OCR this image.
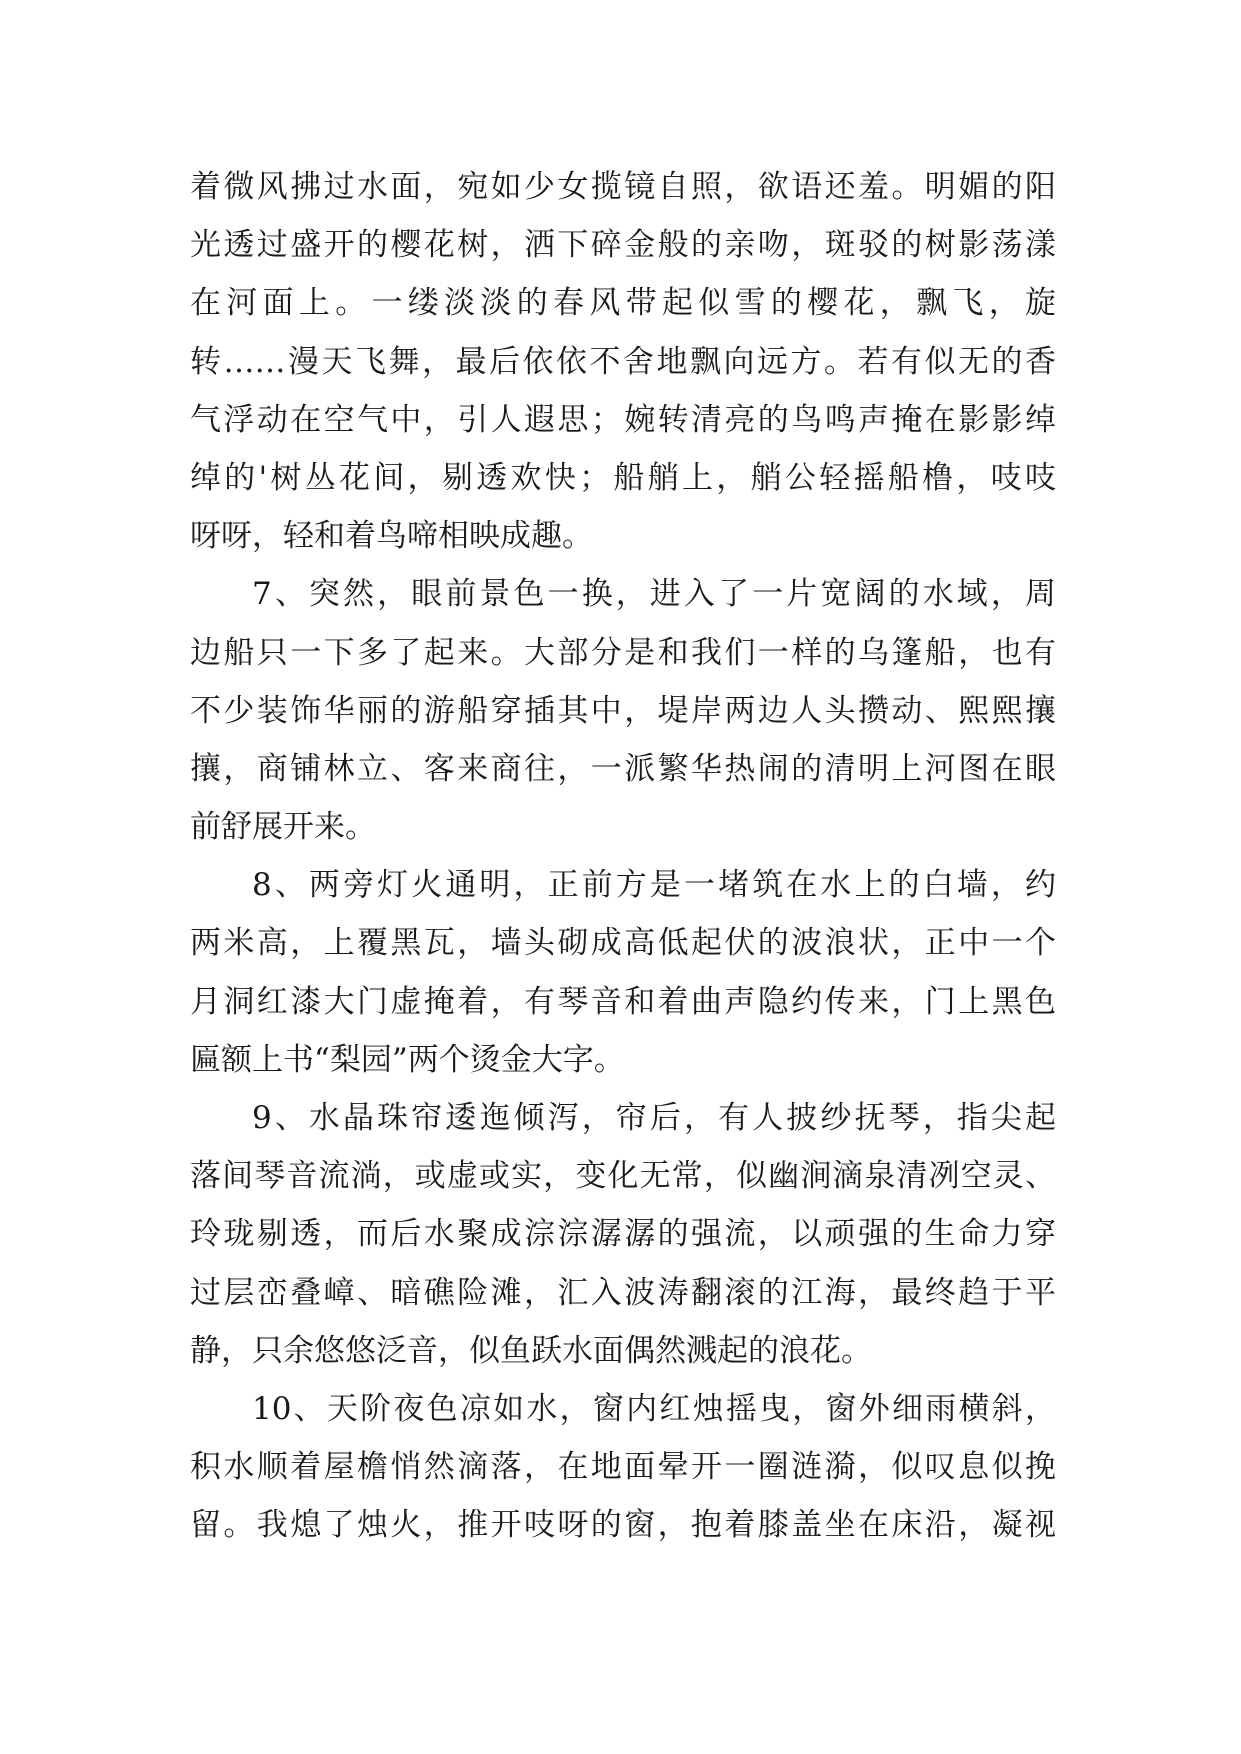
着微风拂过水面，宛如少女揽镜自照，欲语还羞。明媚的阳
光透过盛开的樱花树，洒下碎金般的亲吻，斑驳的树影荡漾
在河面上。一缕淡淡的春风带起似雪的樱花，飘飞，旋
转……漫天飞舞，最后依依不舍地飘向远方。若有似无的香
气浮动在空气中，引人遐思；婉转清亮的鸟鸣声掩在影影绰
绰的'树丛花间，剔透欢快；船艄上，艄公轻摇船橹，吱吱
呀呀，轻和着鸟啼相映成趣。
7、突然，眼前景色一换，进入了一片宽阔的水域，周
边船只一下多了起来。大部分是和我们一样的乌篷船，也有
不少装饰华丽的游船穿插其中，堤岸两边人头攒动、熙熙攘
攘，商铺林立、客来商往，一派繁华热闹的清明上河图在眼
前舒展开来。
8、两旁灯火通明，正前方是一堵筑在水上的白墙，约
两米高，上覆黑瓦，墙头砌成高低起伏的波浪状，正中一个
月洞红漆大门虚掩着，有琴音和着曲声隐约传来，门上黑色
匾额上书“梨园”两个烫金大字。
9、水晶珠帘逶迤倾泻，帘后，有人披纱抚琴，指尖起
落间琴音流淌，或虚或实，变化无常，似幽涧滴泉清冽空灵、
玲珑剔透，而后水聚成淙淙潺潺的强流，以顽强的生命力穿
过层峦叠嶂、暗礁险滩，汇入波涛翻滚的江海，最终趋于平
静，只余悠悠泛音，似鱼跃水面偶然溅起的浪花。
10、天阶夜色凉如水，窗内红烛摇曳，窗外细雨横斜，
积水顺着屋檐悄然滴落，在地面晕开一圈涟漪，似叹息似挽
留。我熄了烛火，推开吱呀的窗，抱着膝盖坐在床沿，凝视
